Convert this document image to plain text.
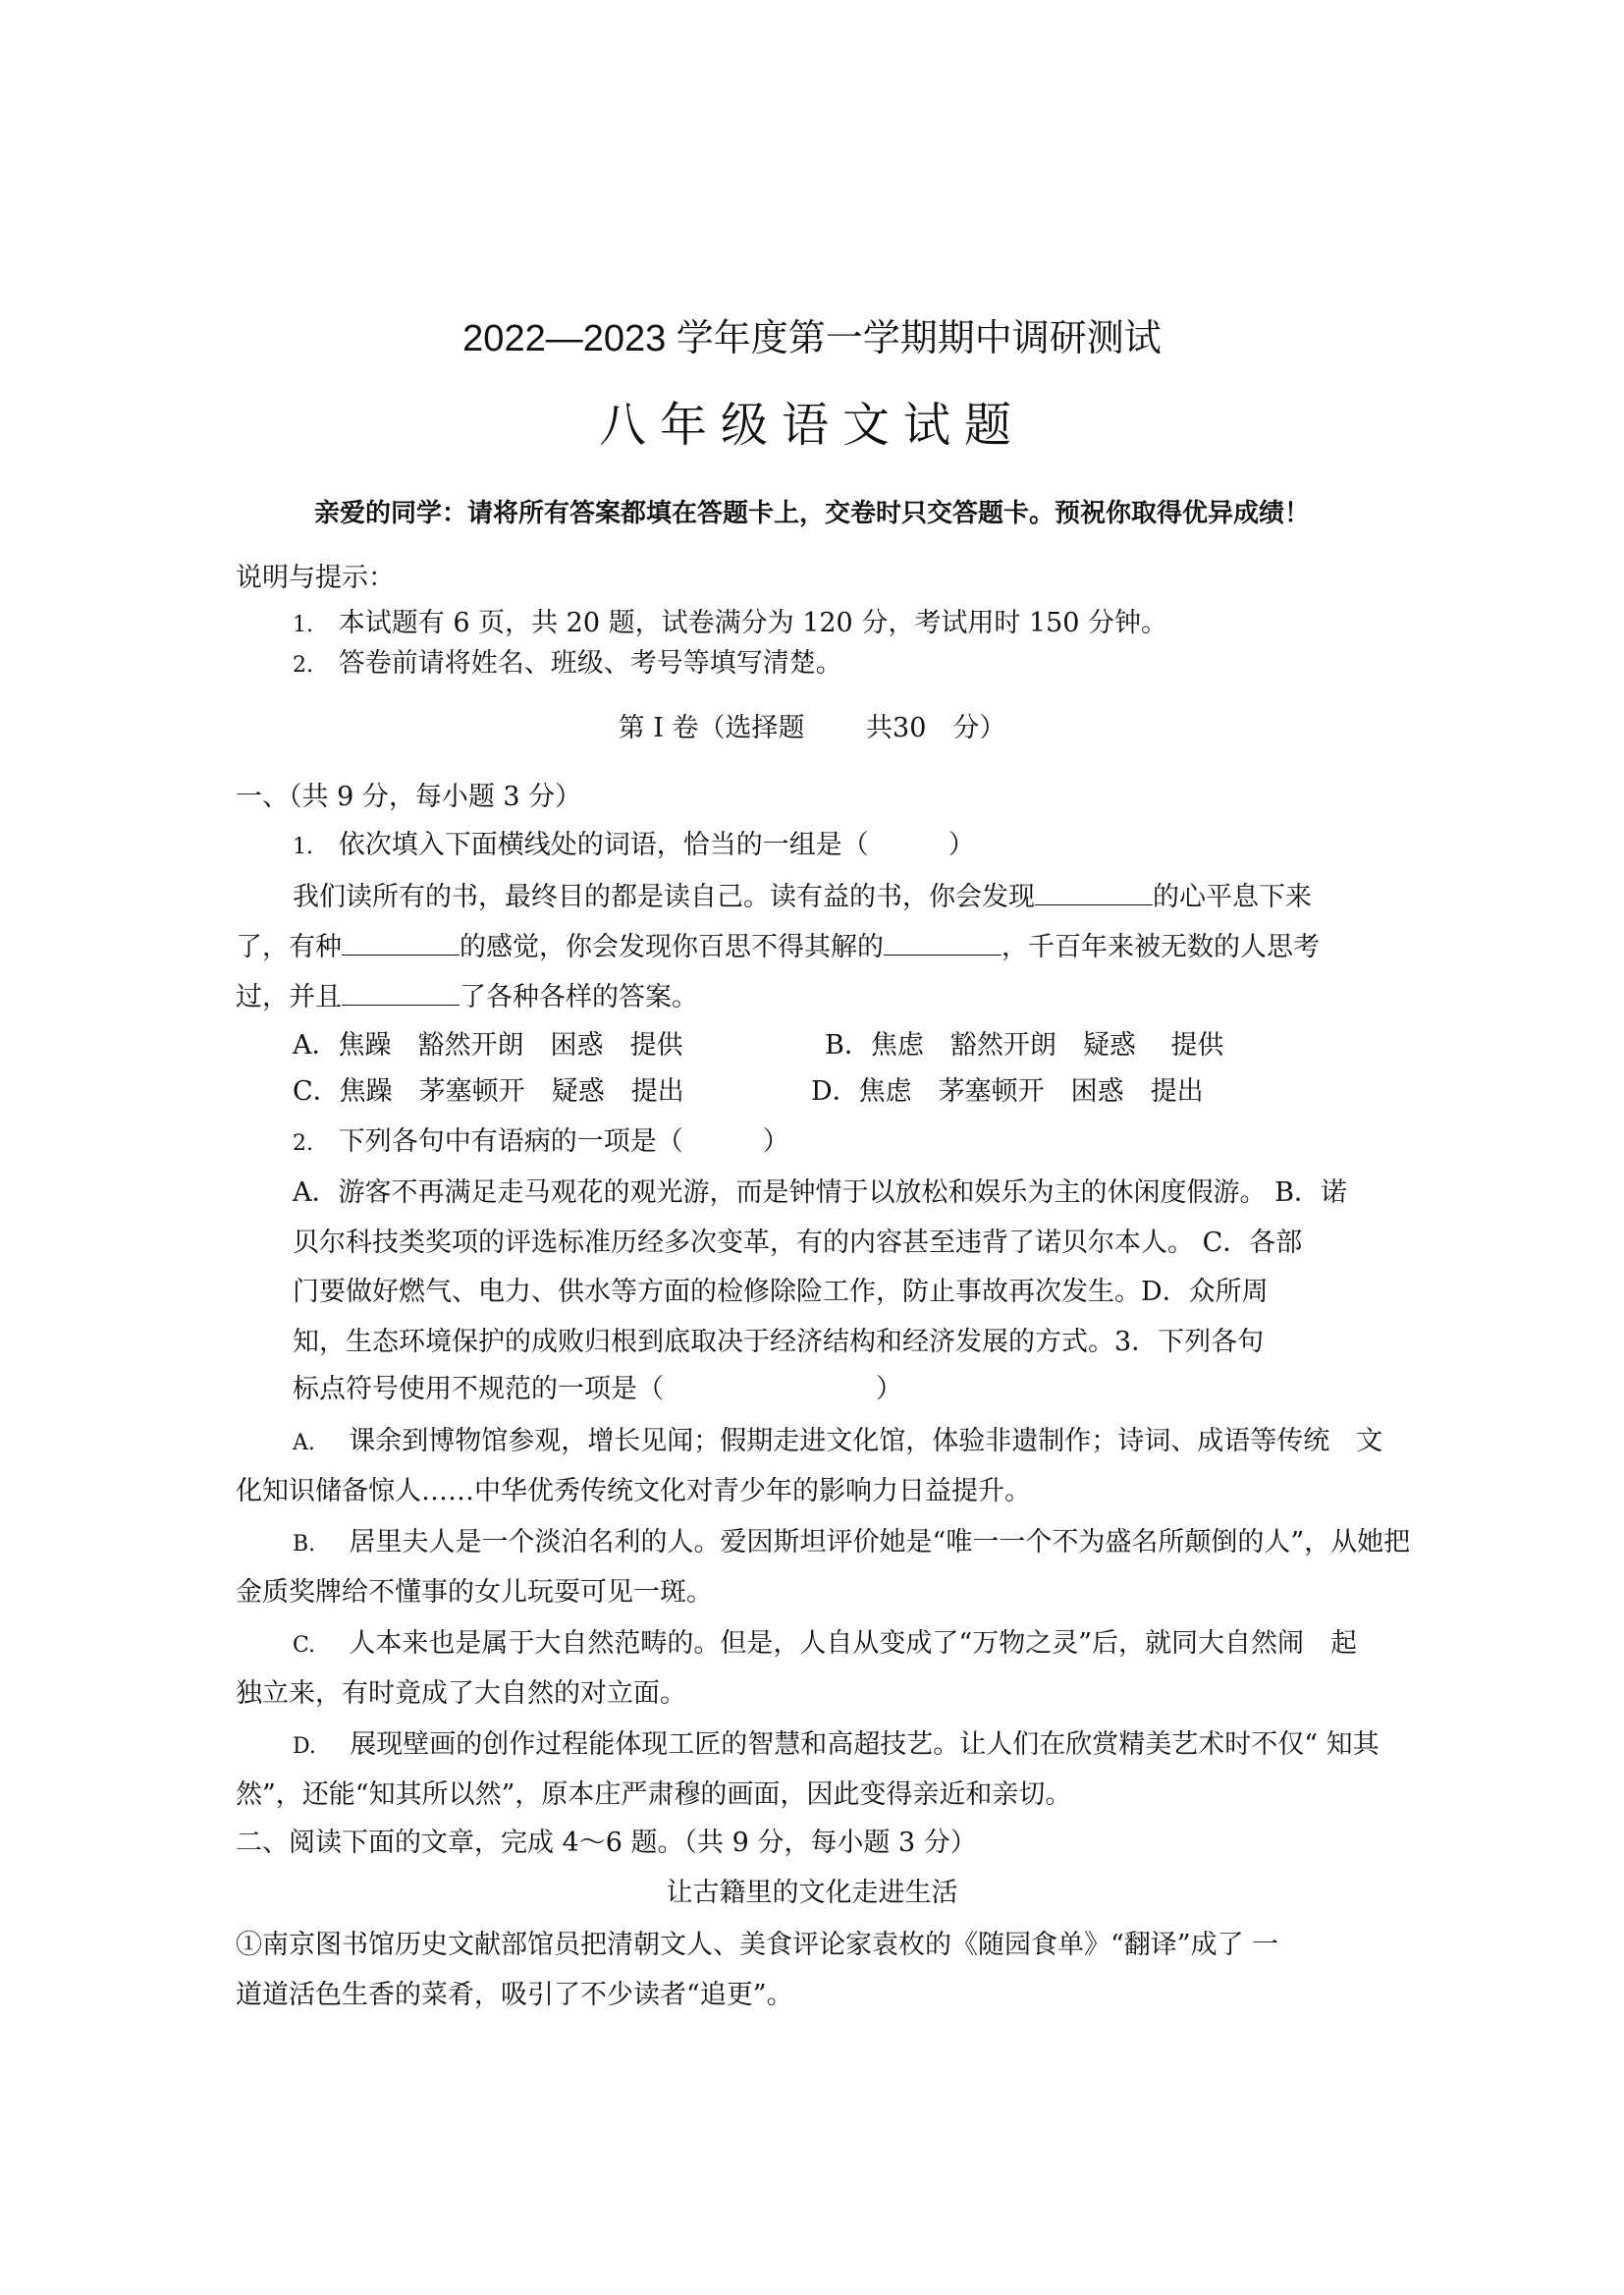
2022—2023 学年度第一学期期中调研测试
八年级语文试题
亲爱的同学：请将所有答案都填在答题卡上，交卷时只交答题卡。预祝你取得优异成绩！
说明与提示：
1. 本试题有 6 页，共 20 题，试卷满分为 120 分，考试用时 150 分钟。
2. 答卷前请将姓名、班级、考号等填写清楚。
第 Ⅰ 卷（选择题　　 共30　分）
一、（共 9 分，每小题 3 分）
1. 依次填入下面横线处的词语，恰当的一组是（　　　）
我们读所有的书，最终目的都是读自己。读有益的书，你会发现	的心平息下来
了，有种	的感觉，你会发现你百思不得其解的	，千百年来被无数的人思考
过，并且	了各种各样的答案。
A．焦躁　豁然开朗　困惑　提供	B．焦虑　豁然开朗　疑惑　 提供
C．焦躁　茅塞顿开　疑惑　提出	D．焦虑　茅塞顿开　困惑　提出
2. 下列各句中有语病的一项是（　　　）
A．游客不再满足走马观花的观光游，而是钟情于以放松和娱乐为主的休闲度假游。 B．诺
贝尔科技类奖项的评选标准历经多次变革，有的内容甚至违背了诺贝尔本人。 C．各部
门要做好燃气、电力、供水等方面的检修除险工作，防止事故再次发生。D．众所周
知，生态环境保护的成败归根到底取决于经济结构和经济发展的方式。3．下列各句
标点符号使用不规范的一项是（　　　　　　　　）
A. 课余到博物馆参观，增长见闻；假期走进文化馆，体验非遗制作；诗词、成语等传统　文
化知识储备惊人……中华优秀传统文化对青少年的影响力日益提升。
B. 居里夫人是一个淡泊名利的人。爱因斯坦评价她是“唯一一个不为盛名所颠倒的人”，从她把
金质奖牌给不懂事的女儿玩耍可见一斑。
C. 人本来也是属于大自然范畴的。但是，人自从变成了“万物之灵”后，就同大自然闹　起
独立来，有时竟成了大自然的对立面。
D. 展现壁画的创作过程能体现工匠的智慧和高超技艺。让人们在欣赏精美艺术时不仅“ 知其
然”，还能“知其所以然”，原本庄严肃穆的画面，因此变得亲近和亲切。
二、阅读下面的文章，完成 4～6 题。（共 9 分，每小题 3 分）
让古籍里的文化走进生活
①南京图书馆历史文献部馆员把清朝文人、美食评论家袁枚的《随园食单》“翻译”成了 一
道道活色生香的菜肴，吸引了不少读者“追更”。
